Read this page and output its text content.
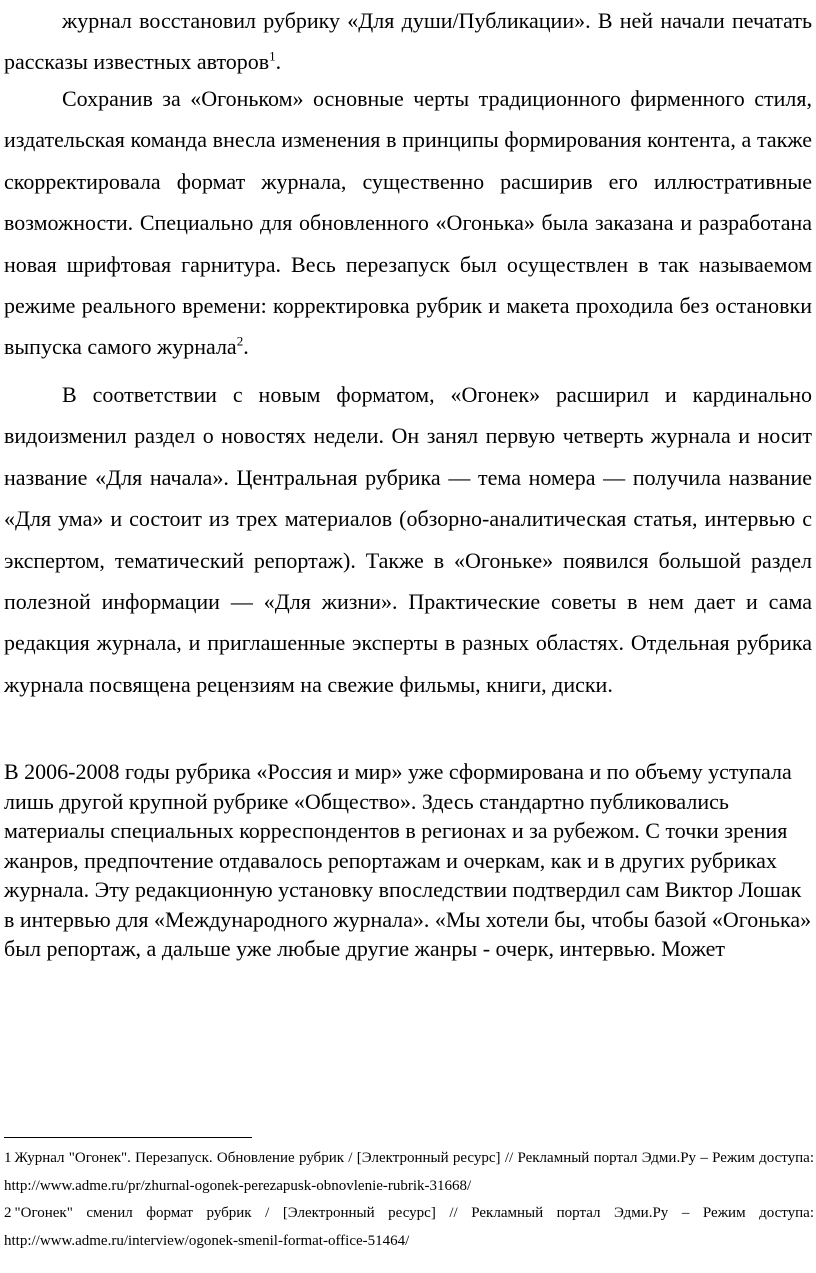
журнал восстановил рубрику «Для души/Публикации». В ней начали печатать рассказы известных авторов$^1$.

Сохранив за «Огоньком» основные черты традиционного фирменного стиля, издательская команда внесла изменения в принципы формирования контента, а также скорректировала формат журнала, существенно расширив его иллюстративные возможности. Специально для обновленного «Огонька» была заказана и разработана новая шрифтовая гарнитура. Весь перезапуск был осуществлен в так называемом режиме реального времени: корректировка рубрик и макета проходила без остановки выпуска самого журнала$^2$.

В соответствии с новым форматом, «Огонек» расширил и кардинально видоизменил раздел о новостях недели. Он занял первую четверть журнала и носит название «Для начала». Центральная рубрика — тема номера — получила название «Для ума» и состоит из трех материалов (обзорно-аналитическая статья, интервью с экспертом, тематический репортаж). Также в «Огоньке» появился большой раздел полезной информации — «Для жизни». Практические советы в нем дает и сама редакция журнала, и приглашенные эксперты в разных областях. Отдельная рубрика журнала посвящена рецензиям на свежие фильмы, книги, диски.

В 2006-2008 годы рубрика «Россия и мир» уже сформирована и по объему уступала лишь другой крупной рубрике «Общество». Здесь стандартно публиковались материалы специальных корреспондентов в регионах и за рубежом. С точки зрения жанров, предпочтение отдавалось репортажам и очеркам, как и в других рубриках журнала. Эту редакционную установку впоследствии подтвердил сам Виктор Лошак в интервью для «Международного журнала». «Мы хотели бы, чтобы базой «Огонька» был репортаж, а дальше уже любые другие жанры - очерк, интервью. Может

1 Журнал "Огонек". Перезапуск. Обновление рубрик / [Электронный ресурс] // Рекламный портал Эдми.Ру – Режим доступа: http://www.adme.ru/pr/zhurnal-ogonek-perezapusk-obnovlenie-rubrik-31668/

2 "Огонек" сменил формат рубрик / [Электронный ресурс] // Рекламный портал Эдми.Ру – Режим доступа: http://www.adme.ru/interview/ogonek-smenil-format-office-51464/
